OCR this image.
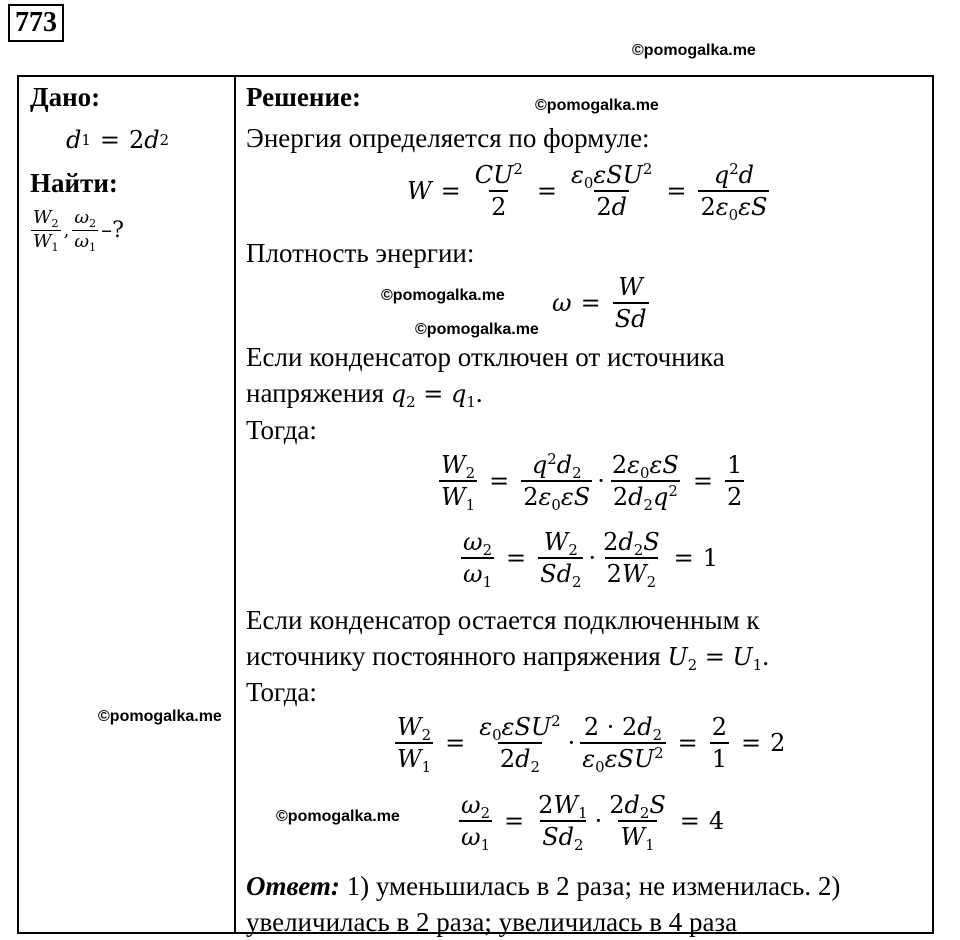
773
©pomogalka.me
©pomogalka.me
©pomogalka.me
©pomogalka.me
©pomogalka.me
©pomogalka.me
Дано:
d 1 = 2 d 2
Найти:
$\frac{W_2}{W_1}$ , $\frac{\omega_2}{\omega_1}$ –?
Решение:
Энергия определяется по формуле:
$W = \frac{CU^2}{2} = \frac{\varepsilon_0\varepsilon SU^2}{2d} = \frac{q^2d}{2\varepsilon_0\varepsilon S}$
Плотность энергии:
$\omega = \frac{W}{Sd}$
Если конденсатор отключен от источника
напряжения $q_2 = q_1$.
Тогда:
$\frac{W_2}{W_1} = \frac{q^2d_2}{2\varepsilon_0\varepsilon S} \cdot \frac{2\varepsilon_0\varepsilon S}{2d_2q^2} = \frac{1}{2}$
$\frac{\omega_2}{\omega_1} = \frac{W_2}{Sd_2} \cdot \frac{2d_2S}{2W_2} = 1$
Если конденсатор остается подключенным к
источнику постоянного напряжения $U_2 = U_1$.
Тогда:
$\frac{W_2}{W_1} = \frac{\varepsilon_0\varepsilon SU^2}{2d_2} \cdot \frac{2 \cdot 2d_2}{\varepsilon_0\varepsilon SU^2} = \frac{2}{1} = 2$
$\frac{\omega_2}{\omega_1} = \frac{2W_1}{Sd_2} \cdot \frac{2d_2S}{W_1} = 4$
Ответ: 1) уменьшилась в 2 раза; не изменилась. 2) увеличилась в 2 раза; увеличилась в 4 раза
